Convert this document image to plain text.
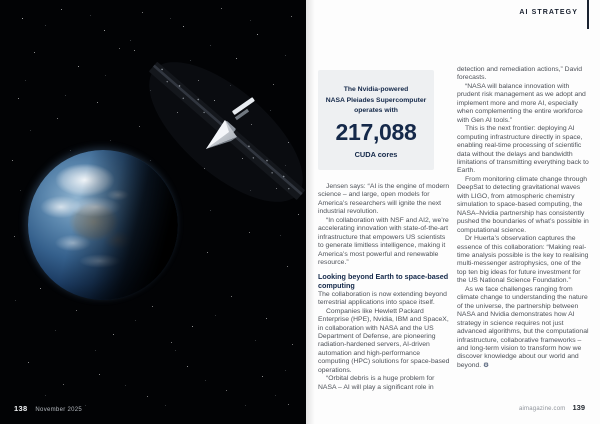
138 November 2025
AI STRATEGY
The Nvidia-powered
NASA Pleiades Supercomputer
operates with
217,088
CUDA cores

Jensen says: “AI is the engine of modern science – and large, open models for America’s researchers will ignite the next industrial revolution.

“In collaboration with NSF and AI2, we’re accelerating innovation with state-of-the-art infrastructure that empowers US scientists to generate limitless intelligence, making it America’s most powerful and renewable resource.”

Looking beyond Earth to space-based computing

The collaboration is now extending beyond terrestrial applications into space itself.

Companies like Hewlett Packard Enterprise (HPE), Nvidia, IBM and SpaceX, in collaboration with NASA and the US Department of Defense, are pioneering radiation-hardened servers, AI-driven automation and high-performance computing (HPC) solutions for space-based operations.

“Orbital debris is a huge problem for NASA – AI will play a significant role in

detection and remediation actions,” David forecasts.

“NASA will balance innovation with prudent risk management as we adopt and implement more and more AI, especially when complementing the entire workforce with Gen AI tools.”

This is the next frontier: deploying AI computing infrastructure directly in space, enabling real-time processing of scientific data without the delays and bandwidth limitations of transmitting everything back to Earth.

From monitoring climate change through DeepSat to detecting gravitational waves with LIGO, from atmospheric chemistry simulation to space-based computing, the NASA–Nvidia partnership has consistently pushed the boundaries of what’s possible in computational science.

Dr Huerta’s observation captures the essence of this collaboration: “Making real-time analysis possible is the key to realising multi-messenger astrophysics, one of the top ten big ideas for future investment for the US National Science Foundation.”

As we face challenges ranging from climate change to understanding the nature of the universe, the partnership between NASA and Nvidia demonstrates how AI strategy in science requires not just advanced algorithms, but the computational infrastructure, collaborative frameworks – and long-term vision to transform how we discover knowledge about our world and beyond. ⚙

aimagazine.com 139
